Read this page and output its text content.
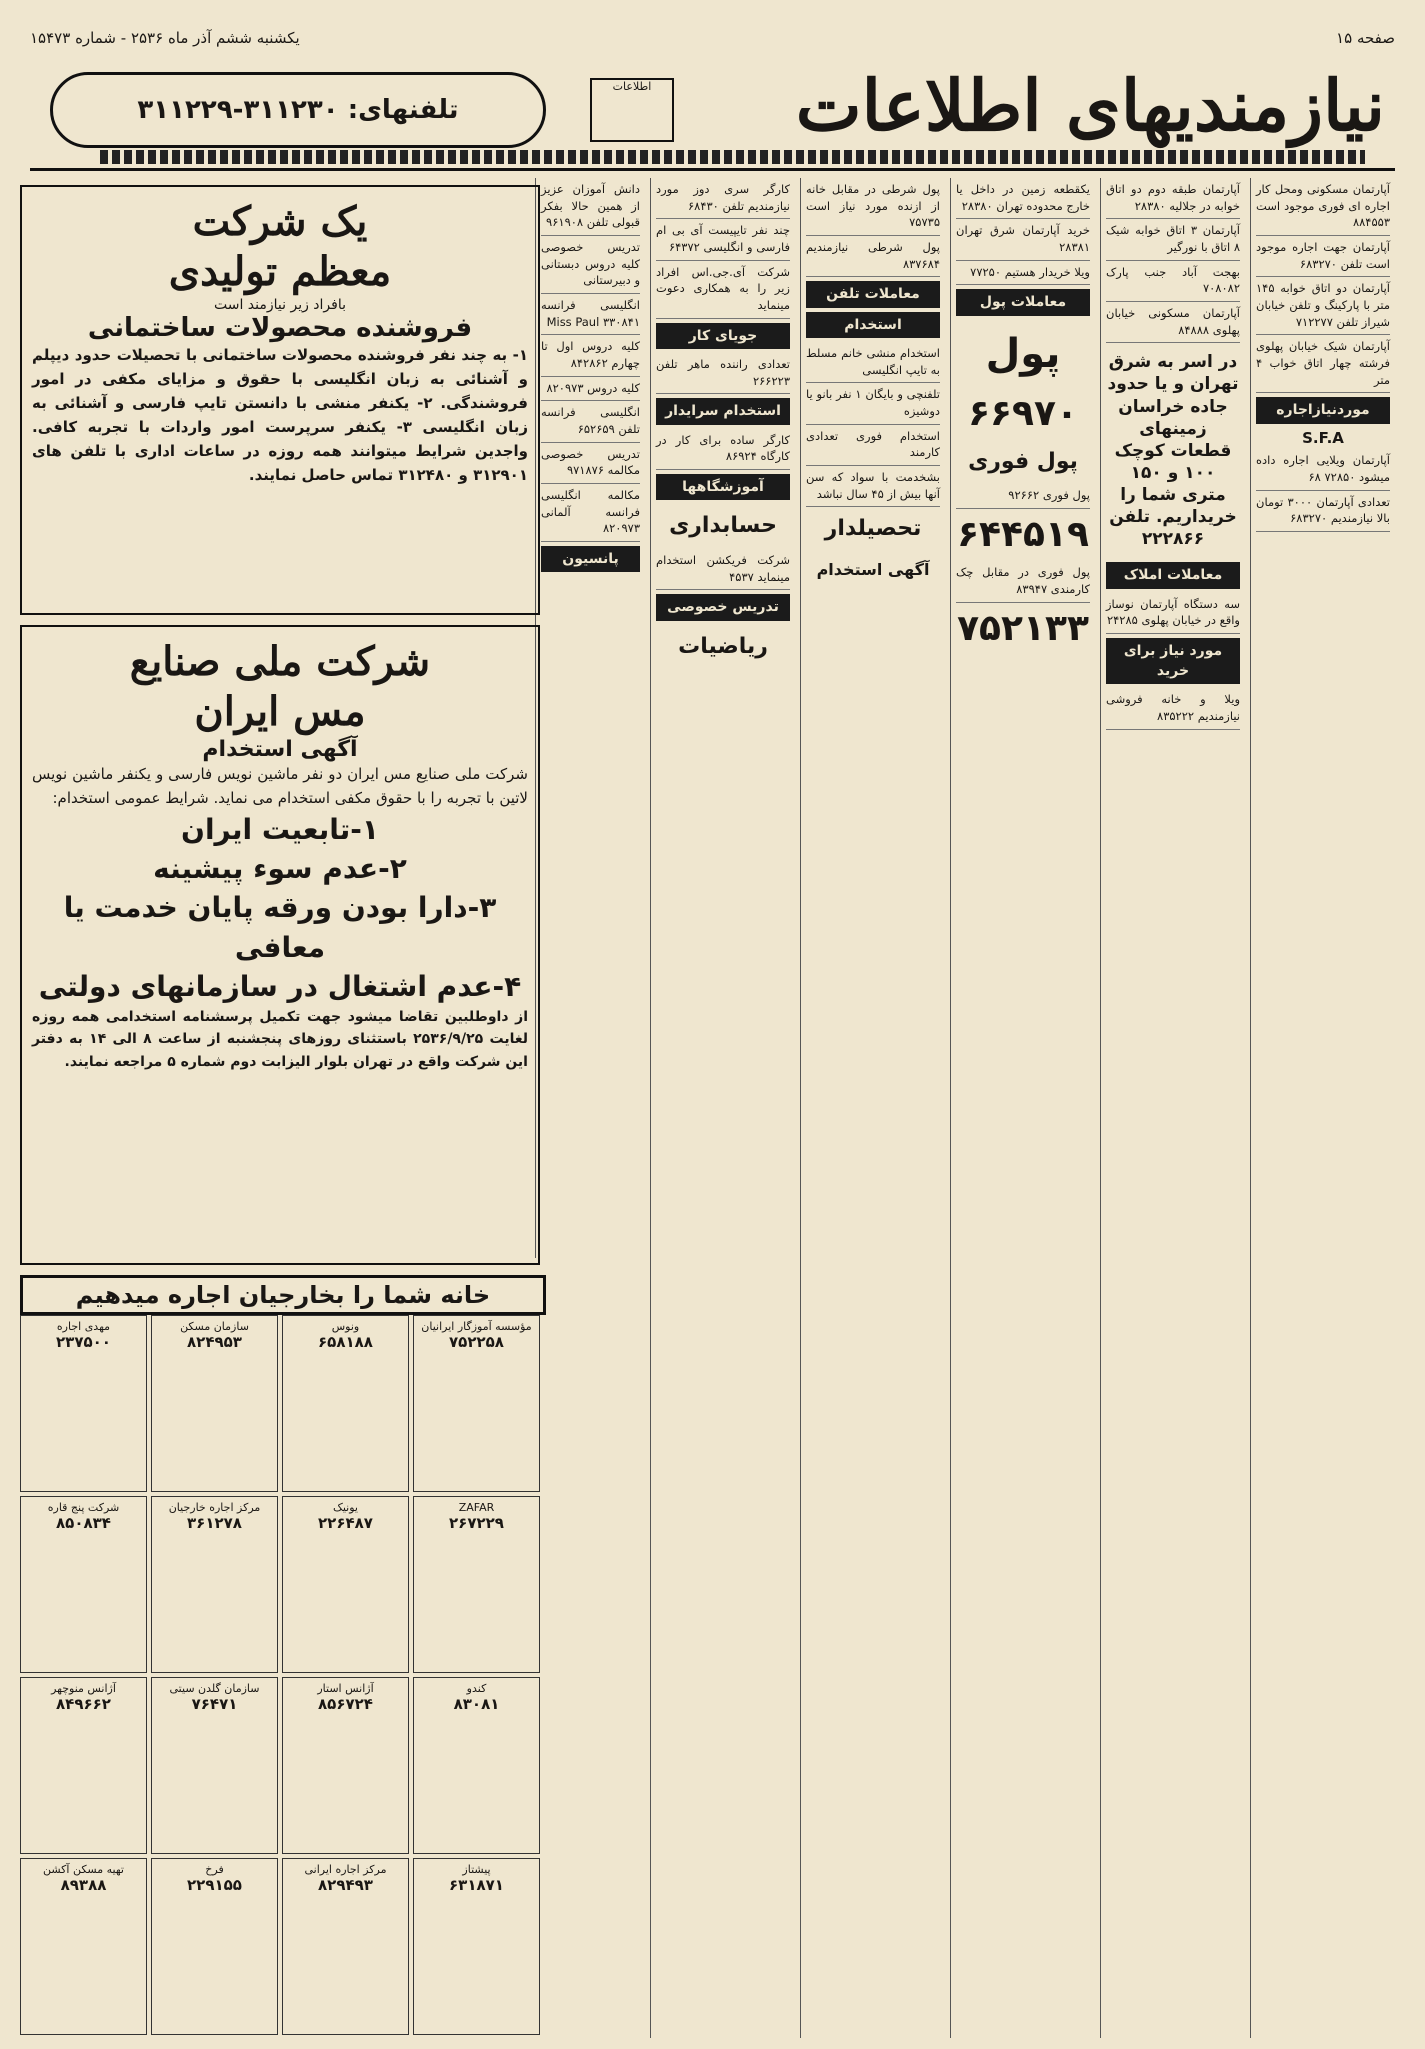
صفحه ۱۵
یکشنبه ششم آذر ماه ۲۵۳۶ - شماره ۱۵۴۷۳
نیازمندیهای اطلاعات
اطلاعات
تلفنهای: ۳۱۱۲۳۰-۳۱۱۲۲۹
آپارتمان مسکونی ومحل کار اجاره ای فوری موجود است ۸۸۴۵۵۳
آپارتمان جهت اجاره موجود است تلفن ۶۸۳۲۷۰
آپارتمان دو اتاق خوابه ۱۴۵ متر با پارکینگ و تلفن خیابان شیراز تلفن ۷۱۲۲۷۷
آپارتمان شیک خیابان پهلوی فرشته چهار اتاق خواب ۴ متر
موردنیازاجاره
S.F.A
آپارتمان ویلایی اجاره داده میشود ۷۲۸۵۰ ۶۸
تعدادی آپارتمان ۳۰۰۰ تومان بالا نیازمندیم ۶۸۳۲۷۰
آپارتمان طبقه دوم دو اتاق خوابه در جلالیه ۲۸۳۸۰
آپارتمان ۳ اتاق خوابه شیک ۸ اتاق با نورگیر
بهجت آباد جنب پارک ۷۰۸۰۸۲
آپارتمان مسکونی خیابان پهلوی ۸۴۸۸۸
در اسر به شرق تهران و یا حدود جاده خراسان زمینهای قطعات کوچک ۱۰۰ و ۱۵۰ متری شما را خریداریم. تلفن ۲۲۲۸۶۶
معاملات املاک
سه دستگاه آپارتمان نوساز واقع در خیابان پهلوی ۲۴۲۸۵
مورد نیاز برای خرید
ویلا و خانه فروشی نیازمندیم ۸۳۵۲۲۲
یکقطعه زمین در داخل یا خارج محدوده تهران ۲۸۳۸۰
خرید آپارتمان شرق تهران ۲۸۳۸۱
ویلا خریدار هستیم ۷۷۲۵۰
معاملات پول
پول
۶۶۹۷۰
پول فوری
پول فوری ۹۲۶۶۲
۶۴۴۵۱۹
پول فوری در مقابل چک کارمندی ۸۳۹۴۷
۷۵۲۱۳۳
پول شرطی در مقابل خانه از ازنده مورد نیاز است ۷۵۷۳۵
پول شرطی نیازمندیم ۸۳۷۶۸۴
معاملات تلفن
استخدام
استخدام منشی خانم مسلط به تایپ انگلیسی
تلفنچی و بایگان ۱ نفر بانو یا دوشیزه
استخدام فوری تعدادی کارمند
بشخدمت با سواد که سن آنها بیش از ۴۵ سال نباشد
تحصیلدار
آگهی استخدام
کارگر سری دوز مورد نیازمندیم تلفن ۶۸۴۳۰
چند نفر تایپیست آی بی ام فارسی و انگلیسی ۶۴۳۷۲
شرکت آی.جی.اس افراد زیر را به همکاری دعوت مینماید
جویای کار
تعدادی راننده ماهر تلفن ۲۶۶۲۲۳
استخدام سرایدار
کارگر ساده برای کار در کارگاه ۸۶۹۲۴
آموزشگاهها
حسابداری
شرکت فریکشن استخدام مینماید ۴۵۳۷
تدریس خصوصی
ریاضیات
دانش آموزان عزیز از همین حالا بفکر قبولی تلفن ۹۶۱۹۰۸
تدریس خصوصی کلیه دروس دبستانی و دبیرستانی
انگلیسی فرانسه Miss Paul ۳۳۰۸۴۱
کلیه دروس اول تا چهارم ۸۴۲۸۶۲
کلیه دروس ۸۲۰۹۷۳
انگلیسی فرانسه تلفن ۶۵۲۶۵۹
تدریس خصوصی مکالمه ۹۷۱۸۷۶
مکالمه انگلیسی فرانسه آلمانی ۸۲۰۹۷۳
پانسیون
یک شرکت
معظم تولیدی
بافراد زیر نیازمند است
فروشنده محصولات ساختمانی
۱- به چند نفر فروشنده محصولات ساختمانی با تحصیلات حدود دیپلم و آشنائی به زبان انگلیسی با حقوق و مزایای مکفی در امور فروشندگی. ۲- یکنفر منشی با دانستن تایپ فارسی و آشنائی به زبان انگلیسی ۳- یکنفر سرپرست امور واردات با تجربه کافی. واجدین شرایط میتوانند همه روزه در ساعات اداری با تلفن های ۳۱۲۹۰۱ و ۳۱۲۴۸۰ تماس حاصل نمایند.
شرکت ملی صنایع
مس ایران
آگهی استخدام
شرکت ملی صنایع مس ایران دو نفر ماشین نویس فارسی و یکنفر ماشین نویس لاتین با تجربه را با حقوق مکفی استخدام می نماید. شرایط عمومی استخدام:
۱-تابعیت ایران
۲-عدم سوء پیشینه
۳-دارا بودن ورقه پایان خدمت یا معافی
۴-عدم اشتغال در سازمانهای دولتی
از داوطلبین تقاضا میشود جهت تکمیل پرسشنامه استخدامی همه روزه لغایت ۲۵۳۶/۹/۲۵ باستثنای روزهای پنجشنبه از ساعت ۸ الی ۱۴ به دفتر این شرکت واقع در تهران بلوار الیزابت دوم شماره ۵ مراجعه نمایند.
خانه شما را بخارجیان اجاره میدهیم
مؤسسه آموزگار ایرانیان
۷۵۲۲۵۸
ونوس
۶۵۸۱۸۸
سازمان مسکن
۸۲۴۹۵۳
مهدی اجاره
۲۳۷۵۰۰
ZAFAR
۲۶۷۲۲۹
یونیک
۲۲۶۴۸۷
مرکز اجاره خارجیان
۳۶۱۲۷۸
شرکت پنج قاره
۸۵۰۸۳۴
کندو
۸۳۰۸۱
آژانس استار
۸۵۶۷۲۴
سازمان گلدن سیتی
۷۶۴۷۱
آژانس منوچهر
۸۴۹۶۶۲
پیشتاز
۶۳۱۸۷۱
مرکز اجاره ایرانی
۸۲۹۴۹۳
فرخ
۲۲۹۱۵۵
تهیه مسکن آکشن
۸۹۳۸۸
